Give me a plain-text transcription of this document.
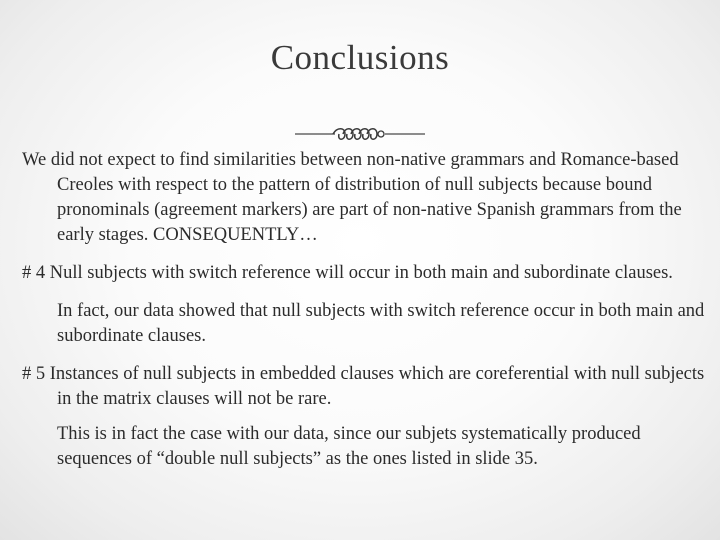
Conclusions

We did not expect to find similarities between non-native grammars and Romance-based Creoles with respect to the pattern of distribution of null subjects because bound pronominals (agreement markers) are part of non-native Spanish grammars from the early stages. CONSEQUENTLY…

# 4 Null subjects with switch reference will occur in both main and subordinate clauses.

In fact, our data showed that null subjects with switch reference occur in both main and subordinate clauses.

# 5 Instances of null subjects in embedded clauses which are coreferential with null subjects in the matrix clauses will not be rare.

This is in fact the case with our data, since our subjets systematically produced sequences of “double null subjects” as the ones listed in slide 35.
